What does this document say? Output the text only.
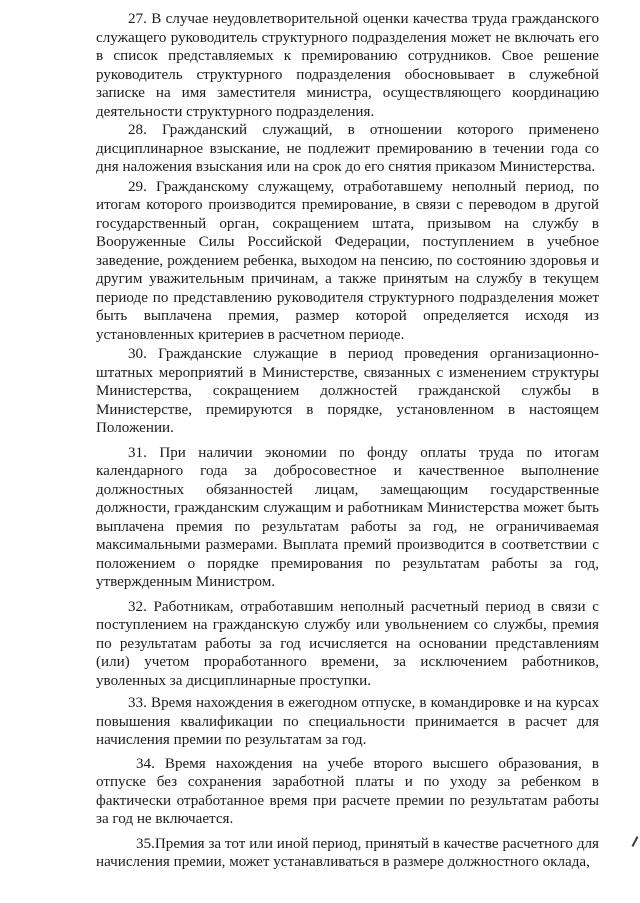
27. В случае неудовлетворительной оценки качества труда гражданского служащего руководитель структурного подразделения может не включать его в список представляемых к премированию сотрудников. Свое решение руководитель структурного подразделения обосновывает в служебной записке на имя заместителя министра, осуществляющего координацию деятельности структурного подразделения.

28. Гражданский служащий, в отношении которого применено дисциплинарное взыскание, не подлежит премированию в течении года со дня наложения взыскания или на срок до его снятия приказом Министерства.

29. Гражданскому служащему, отработавшему неполный период, по итогам которого производится премирование, в связи с переводом в другой государственный орган, сокращением штата, призывом на службу в Вооруженные Силы Российской Федерации, поступлением в учебное заведение, рождением ребенка, выходом на пенсию, по состоянию здоровья и другим уважительным причинам, а также принятым на службу в текущем периоде по представлению руководителя структурного подразделения может быть выплачена премия, размер которой определяется исходя из установленных критериев в расчетном периоде.

30. Гражданские служащие в период проведения организационно-штатных мероприятий в Министерстве, связанных с изменением структуры Министерства, сокращением должностей гражданской службы в Министерстве, премируются в порядке, установленном в настоящем Положении.

31. При наличии экономии по фонду оплаты труда по итогам календарного года за добросовестное и качественное выполнение должностных обязанностей лицам, замещающим государственные должности, гражданским служащим и работникам Министерства может быть выплачена премия по результатам работы за год, не ограничиваемая максимальными размерами. Выплата премий производится в соответствии с положением о порядке премирования по результатам работы за год, утвержденным Министром.

32. Работникам, отработавшим неполный расчетный период в связи с поступлением на гражданскую службу или увольнением со службы, премия по результатам работы за год исчисляется на основании представлениям (или) учетом проработанного времени, за исключением работников, уволенных за дисциплинарные проступки.

33. Время нахождения в ежегодном отпуске, в командировке и на курсах повышения квалификации по специальности принимается в расчет для начисления премии по результатам за год.

34. Время нахождения на учебе второго высшего образования, в отпуске без сохранения заработной платы и по уходу за ребенком в фактически отработанное время при расчете премии по результатам работы за год не включается.

35.Премия за тот или иной период, принятый в качестве расчетного для начисления премии, может устанавливаться в размере должностного оклада,
